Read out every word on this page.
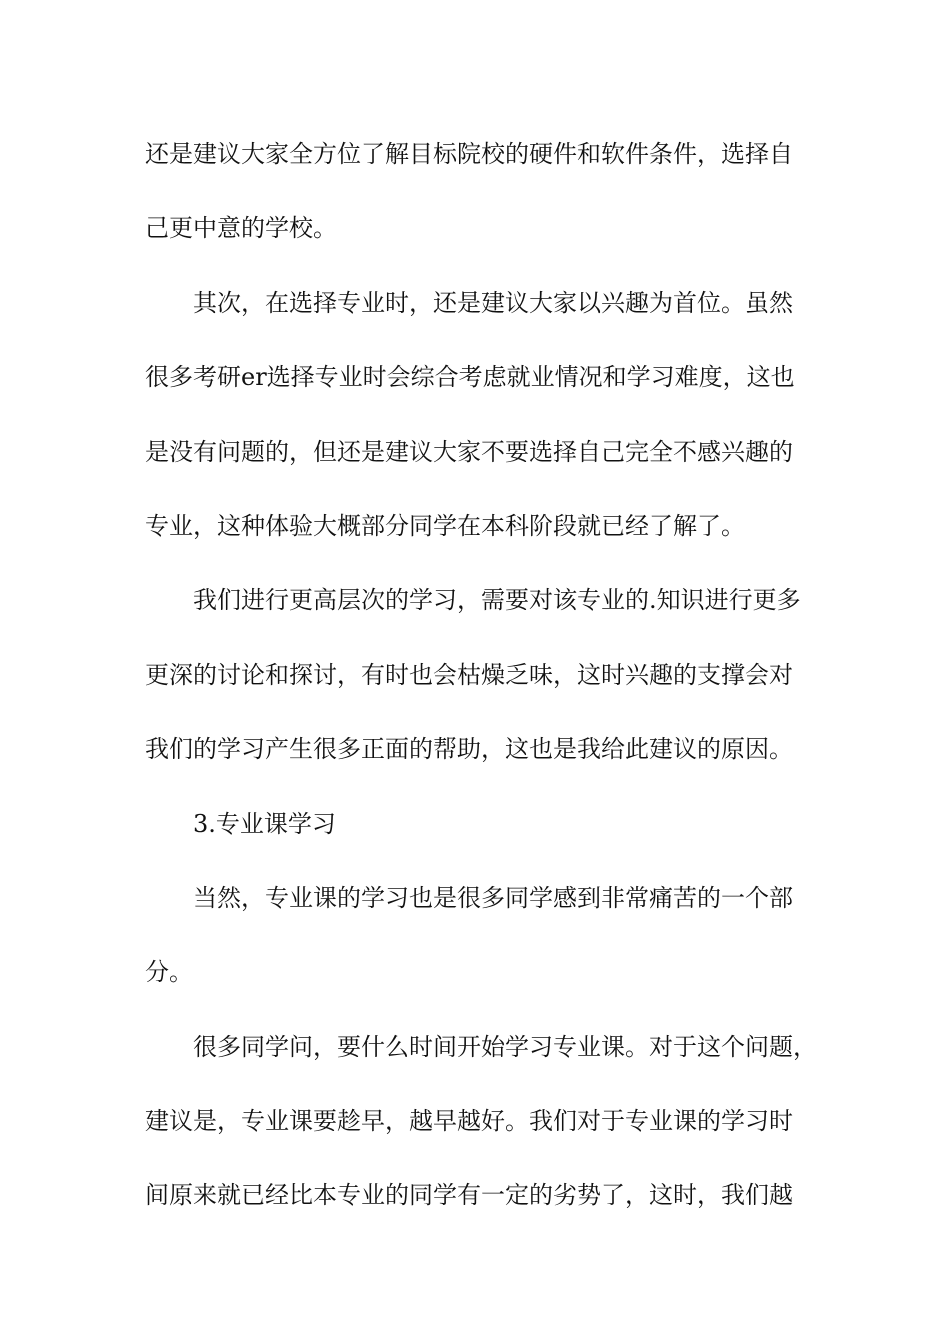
还是建议大家全方位了解目标院校的硬件和软件条件，选择自
己更中意的学校。
其次，在选择专业时，还是建议大家以兴趣为首位。虽然
很多考研er选择专业时会综合考虑就业情况和学习难度，这也
是没有问题的，但还是建议大家不要选择自己完全不感兴趣的
专业，这种体验大概部分同学在本科阶段就已经了解了。
我们进行更高层次的学习，需要对该专业的.知识进行更多
更深的讨论和探讨，有时也会枯燥乏味，这时兴趣的支撑会对
我们的学习产生很多正面的帮助，这也是我给此建议的原因。
3.专业课学习
当然，专业课的学习也是很多同学感到非常痛苦的一个部
分。
很多同学问，要什么时间开始学习专业课。对于这个问题，
建议是，专业课要趁早，越早越好。我们对于专业课的学习时
间原来就已经比本专业的同学有一定的劣势了，这时，我们越
